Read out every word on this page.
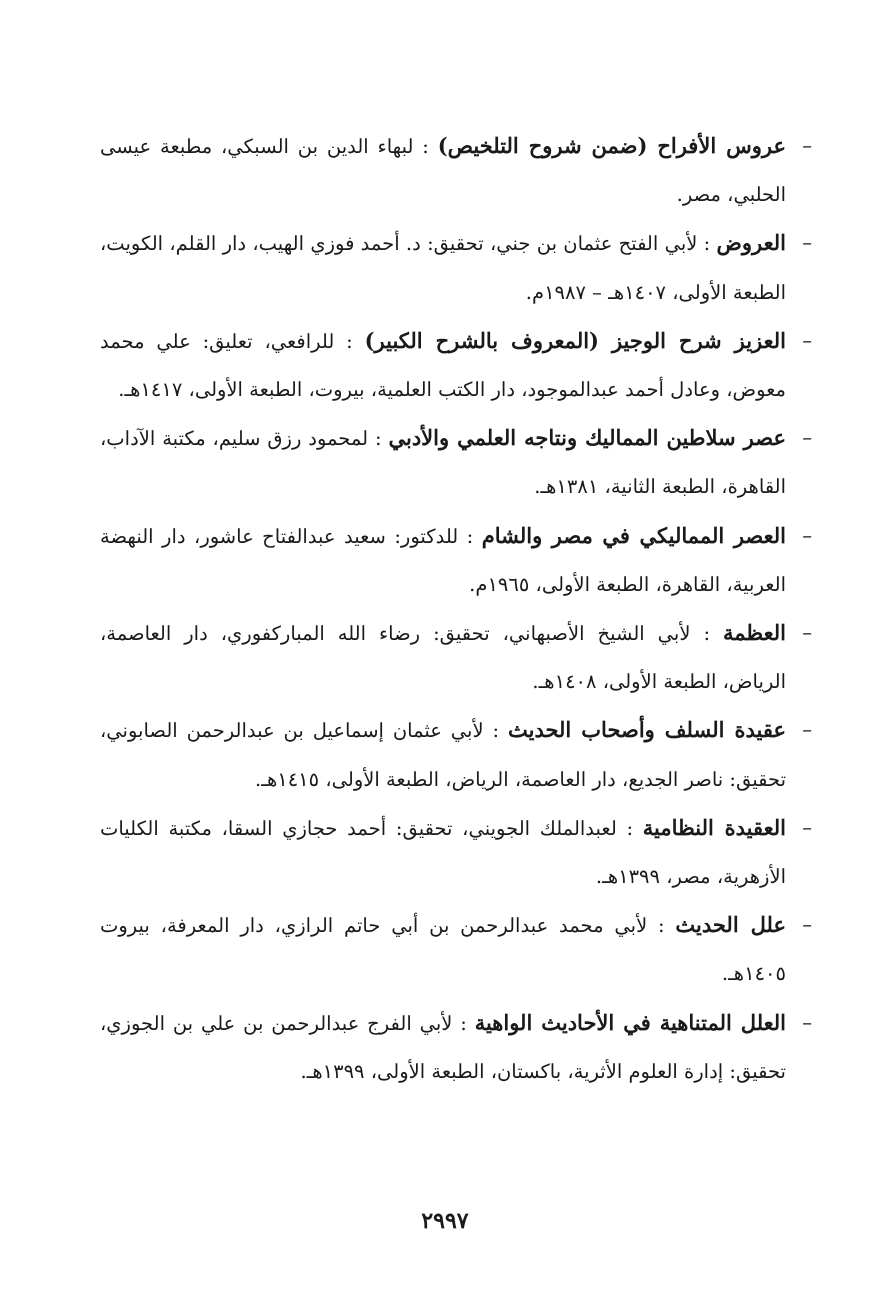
–
عروس الأفراح (ضمن شروح التلخيص) : لبهاء الدين بن السبكي، مطبعة عيسى الحلبي، مصر.
–
العروض : لأبي الفتح عثمان بن جني، تحقيق: د. أحمد فوزي الهيب، دار القلم، الكويت، الطبعة الأولى، ١٤٠٧هـ – ١٩٨٧م.
–
العزيز شرح الوجيز (المعروف بالشرح الكبير) : للرافعي، تعليق: علي محمد معوض، وعادل أحمد عبدالموجود، دار الكتب العلمية، بيروت، الطبعة الأولى، ١٤١٧هـ.
–
عصر سلاطين المماليك ونتاجه العلمي والأدبي : لمحمود رزق سليم، مكتبة الآداب، القاهرة، الطبعة الثانية، ١٣٨١هـ.
–
العصر المماليكي في مصر والشام : للدكتور: سعيد عبدالفتاح عاشور، دار النهضة العربية، القاهرة، الطبعة الأولى، ١٩٦٥م.
–
العظمة : لأبي الشيخ الأصبهاني، تحقيق: رضاء الله المباركفوري، دار العاصمة، الرياض، الطبعة الأولى، ١٤٠٨هـ.
–
عقيدة السلف وأصحاب الحديث : لأبي عثمان إسماعيل بن عبدالرحمن الصابوني، تحقيق: ناصر الجديع، دار العاصمة، الرياض، الطبعة الأولى، ١٤١٥هـ.
–
العقيدة النظامية : لعبدالملك الجويني، تحقيق: أحمد حجازي السقا، مكتبة الكليات الأزهرية، مصر، ١٣٩٩هـ.
–
علل الحديث : لأبي محمد عبدالرحمن بن أبي حاتم الرازي، دار المعرفة، بيروت ١٤٠٥هـ.
–
العلل المتناهية في الأحاديث الواهية : لأبي الفرج عبدالرحمن بن علي بن الجوزي، تحقيق: إدارة العلوم الأثرية، باكستان، الطبعة الأولى، ١٣٩٩هـ.
٢٩٩٧
